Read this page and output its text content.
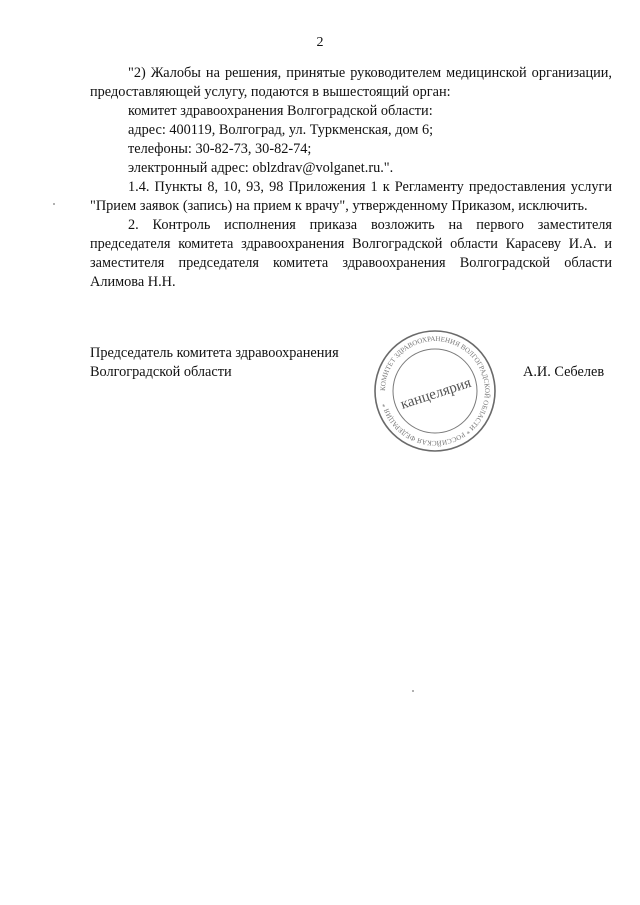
2

"2) Жалобы на решения, принятые руководителем медицинской организации, предоставляющей услугу, подаются в вышестоящий орган:

комитет здравоохранения Волгоградской области:

адрес: 400119, Волгоград, ул. Туркменская, дом 6;

телефоны: 30-82-73, 30-82-74;

электронный адрес: oblzdrav@volganet.ru.".

1.4. Пункты 8, 10, 93, 98 Приложения 1 к Регламенту предоставления услуги "Прием заявок (запись) на прием к врачу", утвержденному Приказом, исключить.

2. Контроль исполнения приказа возложить на первого заместителя председателя комитета здравоохранения Волгоградской области Карасеву И.А. и заместителя председателя комитета здравоохранения Волгоградской области Алимова Н.Н.

Председатель комитета здравоохранения

Волгоградской области	А.И. Себелев
КОМИТЕТ ЗДРАВООХРАНЕНИЯ ВОЛГОГРАДСКОЙ ОБЛАСТИ * РОССИЙСКАЯ ФЕДЕРАЦИЯ * канцелярия
